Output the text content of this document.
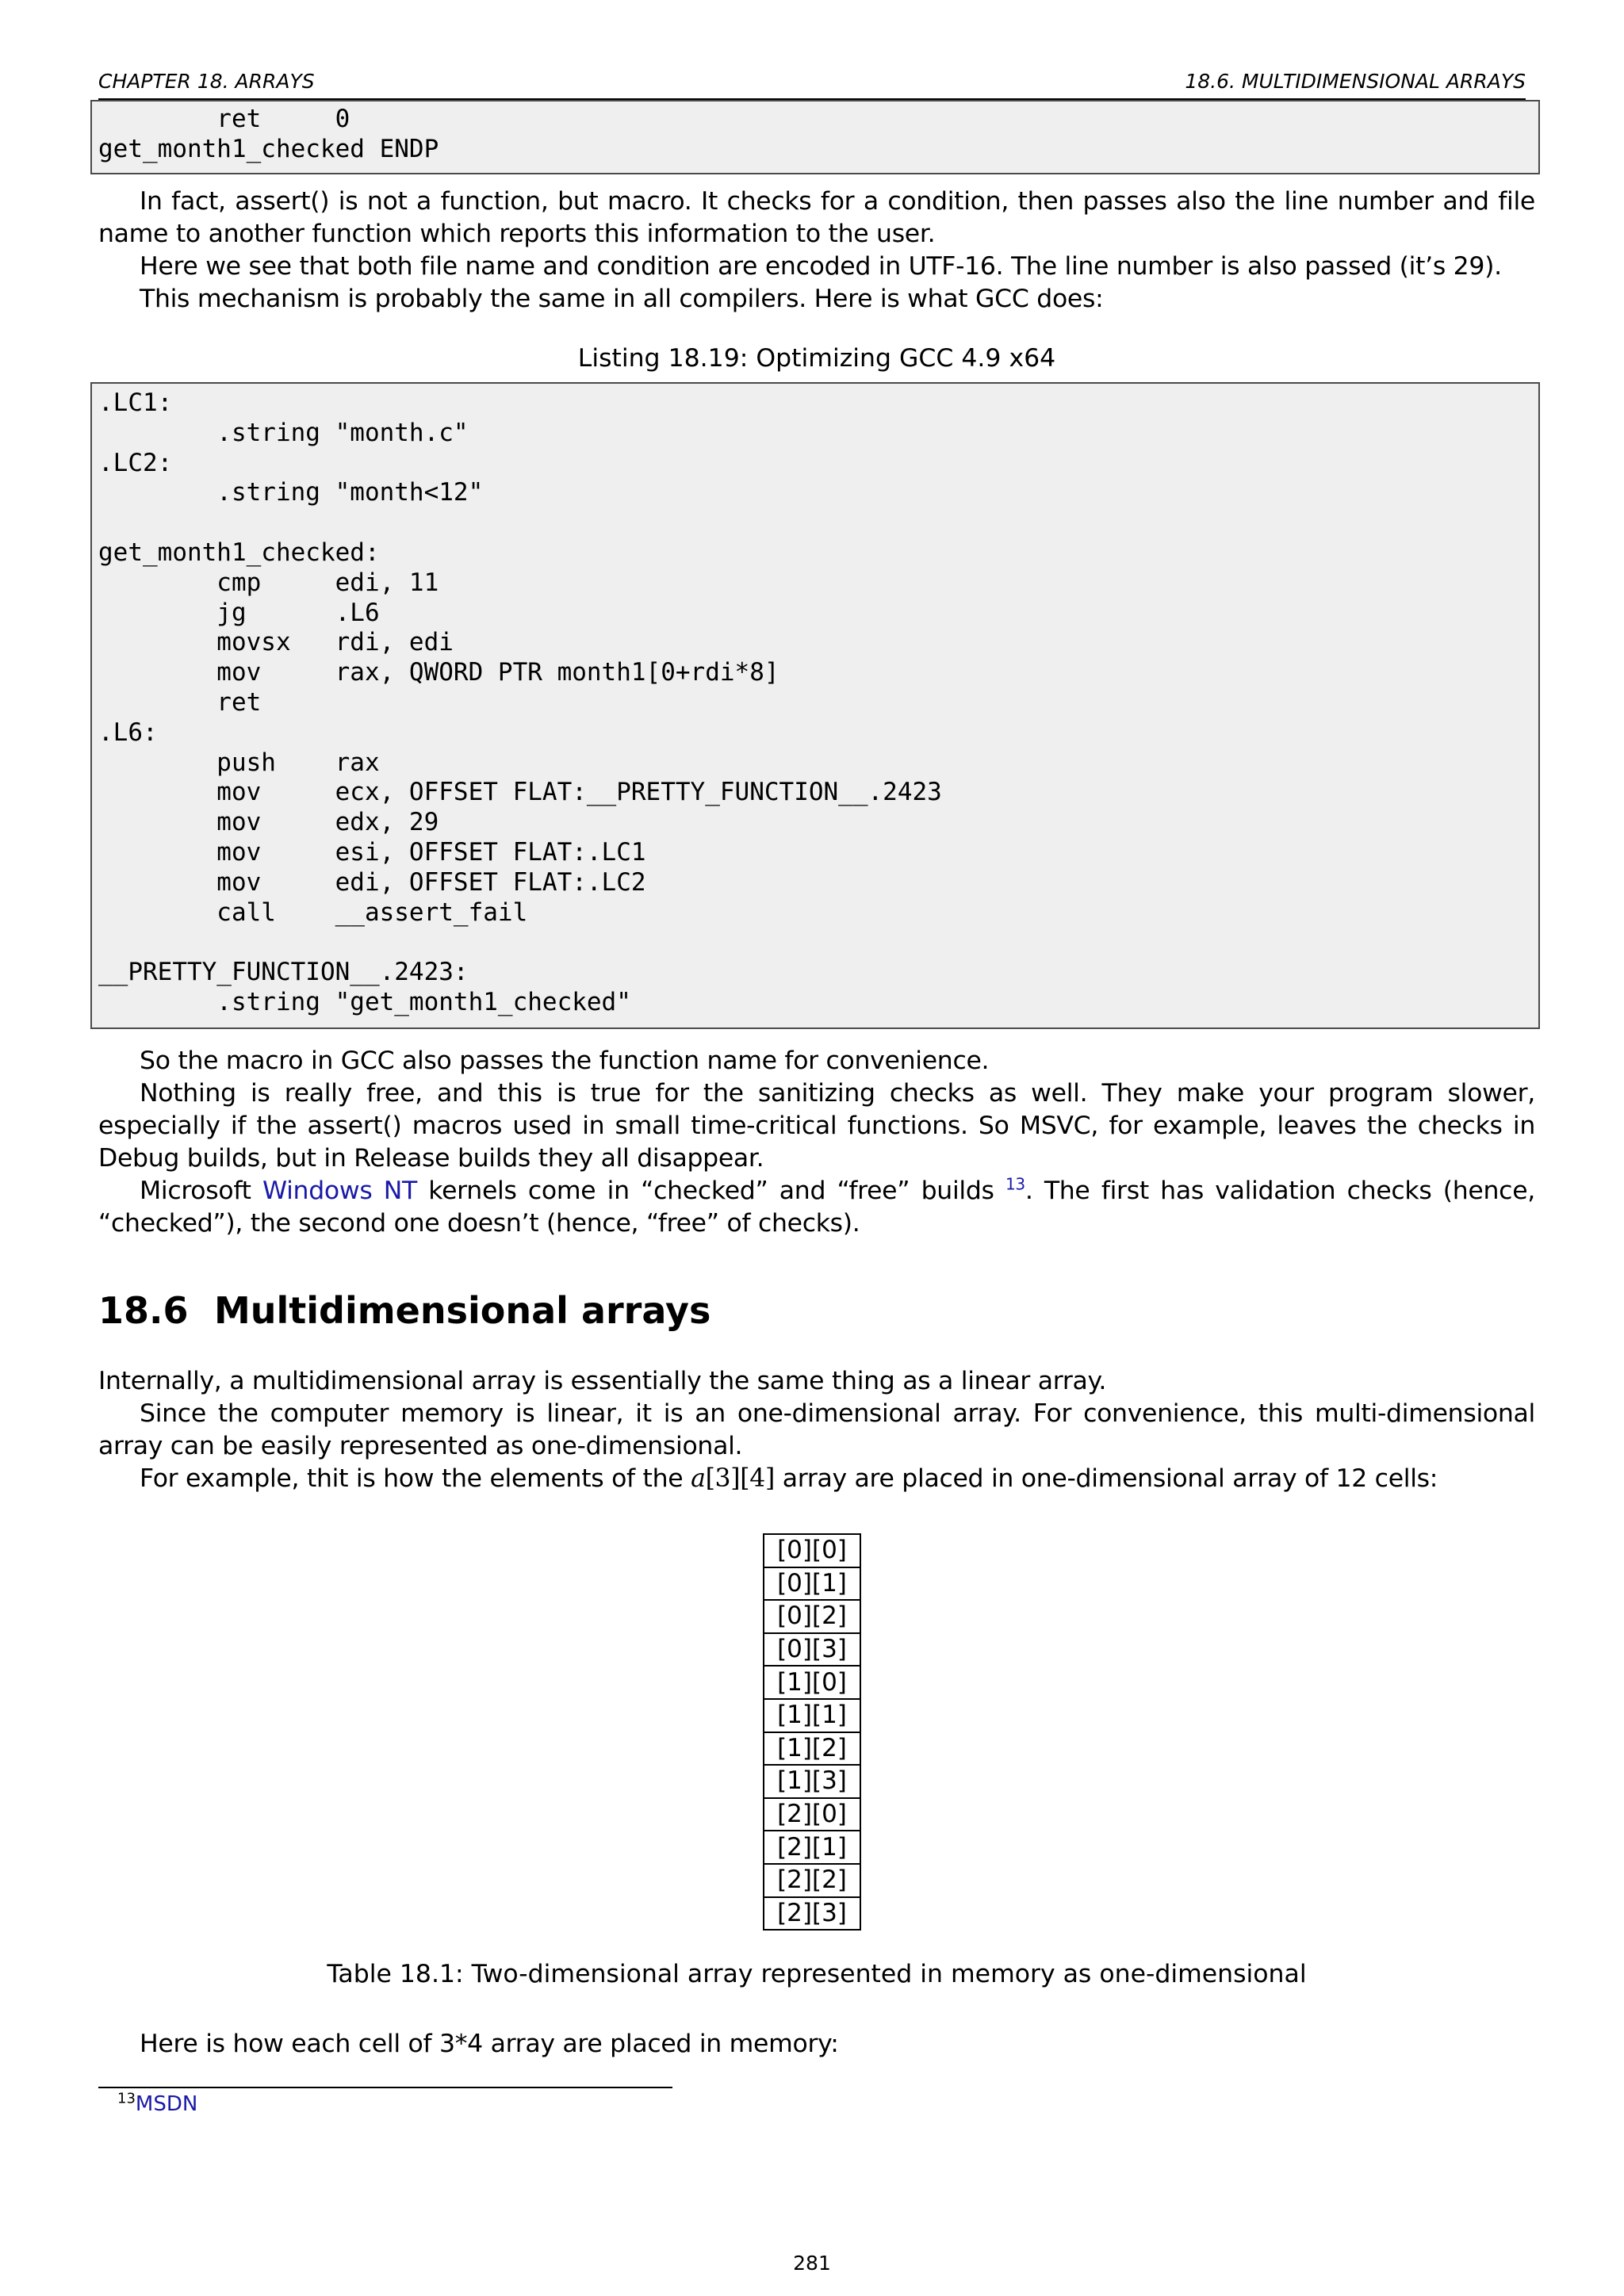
CHAPTER 18. ARRAYS	18.6. MULTIDIMENSIONAL ARRAYS
ret     0
get_month1_checked ENDP
In fact, assert() is not a function, but macro. It checks for a condition, then passes also the line number and file name to another function which reports this information to the user.
Here we see that both file name and condition are encoded in UTF-16. The line number is also passed (it’s 29).
This mechanism is probably the same in all compilers. Here is what GCC does:
Listing 18.19: Optimizing GCC 4.9 x64
.LC1:
.string "month.c"
.LC2:
.string "month<12"

get_month1_checked:
cmp     edi, 11
jg      .L6
movsx   rdi, edi
mov     rax, QWORD PTR month1[0+rdi*8]
ret
.L6:
push    rax
mov     ecx, OFFSET FLAT:__PRETTY_FUNCTION__.2423
mov     edx, 29
mov     esi, OFFSET FLAT:.LC1
mov     edi, OFFSET FLAT:.LC2
call    __assert_fail

__PRETTY_FUNCTION__.2423:
.string "get_month1_checked"
So the macro in GCC also passes the function name for convenience.
Nothing is really free, and this is true for the sanitizing checks as well. They make your program slower, especially if the assert() macros used in small time-critical functions. So MSVC, for example, leaves the checks in Debug builds, but in Release builds they all disappear.
Microsoft Windows NT kernels come in “checked” and “free” builds $^{13}$. The first has validation checks (hence, “checked”), the second one doesn’t (hence, “free” of checks).
18.6 Multidimensional arrays
Internally, a multidimensional array is essentially the same thing as a linear array.
Since the computer memory is linear, it is an one-dimensional array. For convenience, this multi-dimensional array can be easily represented as one-dimensional.
For example, thit is how the elements of the a[3][4] array are placed in one-dimensional array of 12 cells:
[0][0]
[0][1]
[0][2]
[0][3]
[1][0]
[1][1]
[1][2]
[1][3]
[2][0]
[2][1]
[2][2]
[2][3]
Table 18.1: Two-dimensional array represented in memory as one-dimensional
Here is how each cell of 3*4 array are placed in memory:
$^{13}$MSDN
281
